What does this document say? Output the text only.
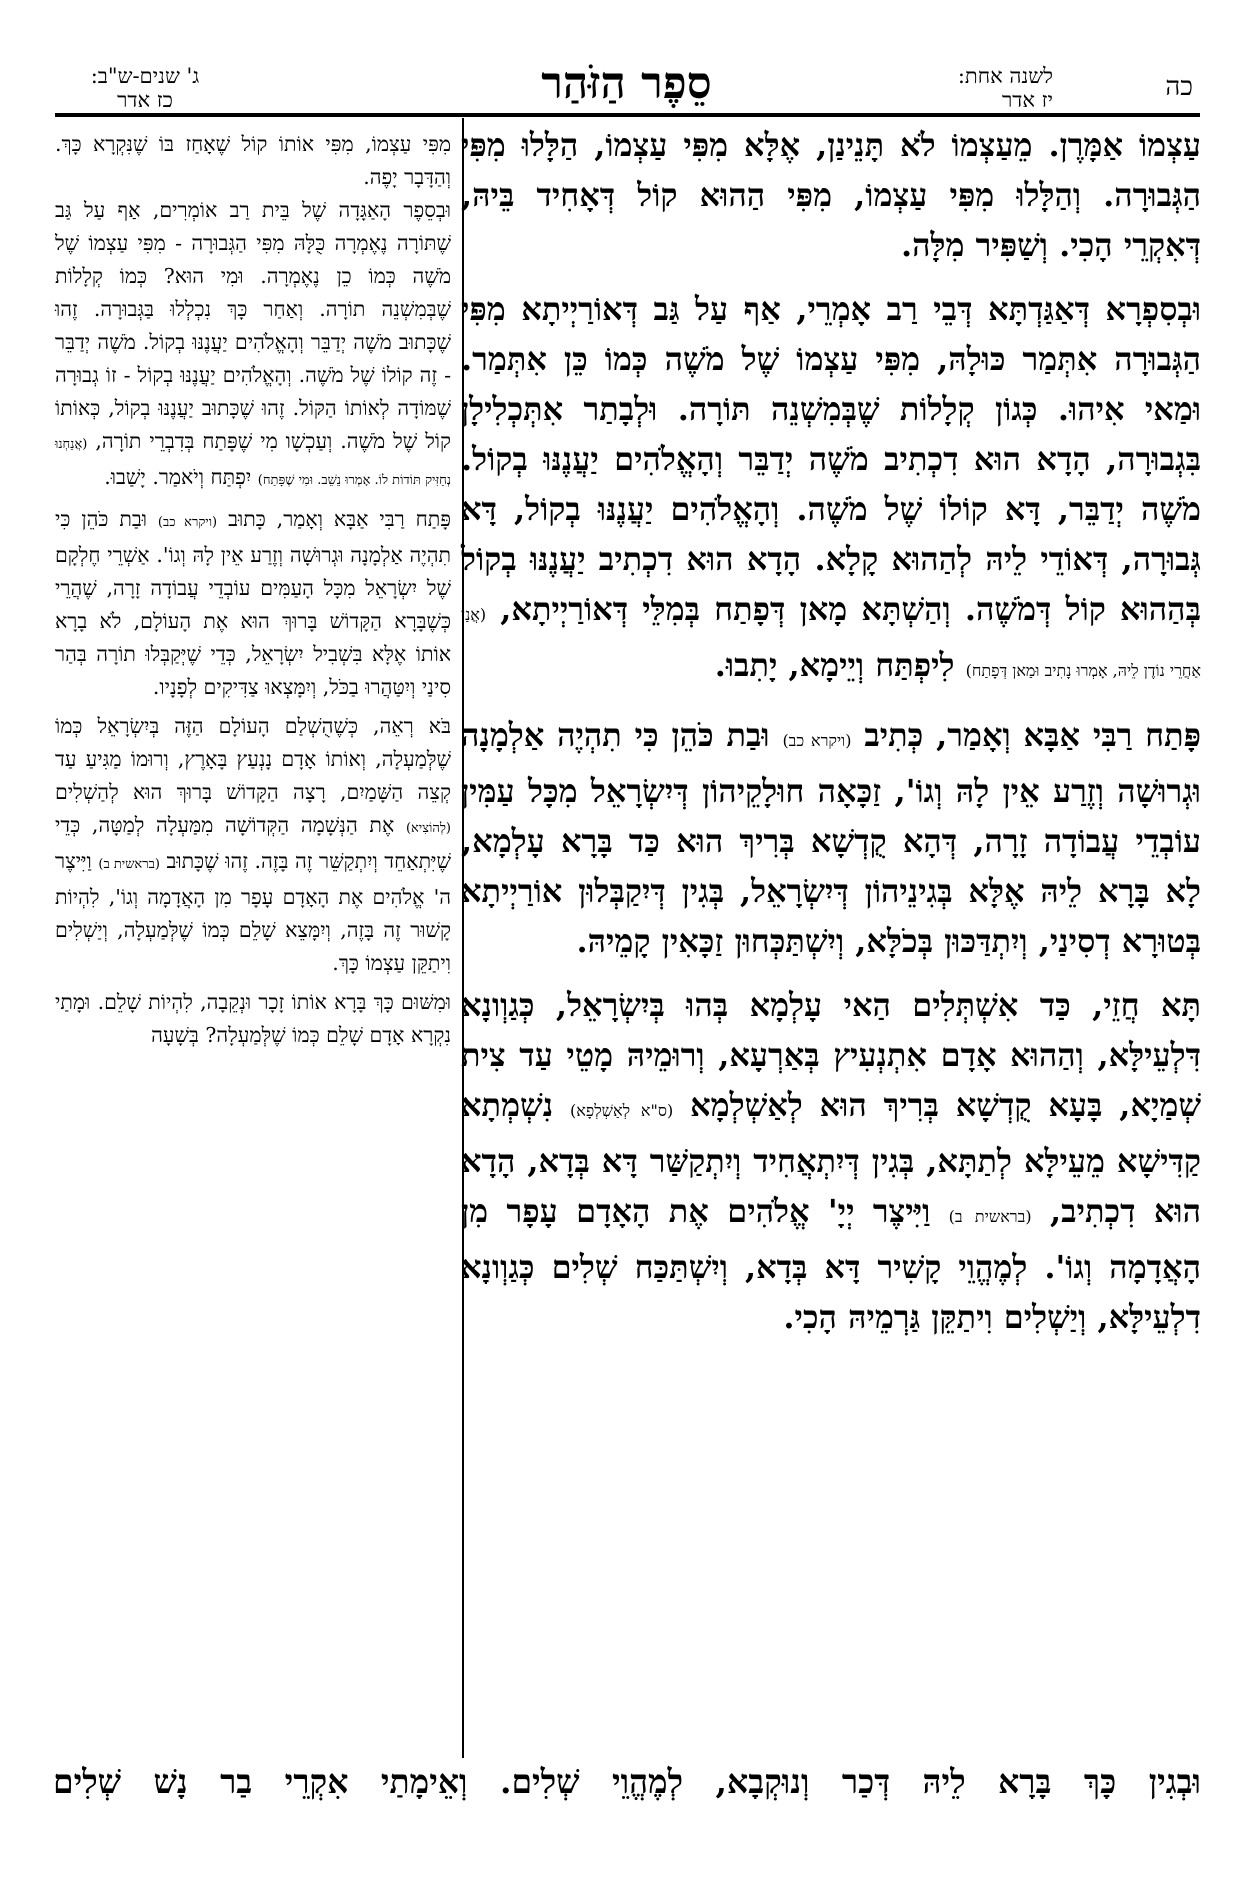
כה
לשנה אחת:
יז אדר
סֵפֶר הַזֹּהַר
ג' שנים-ש"ב:
כז אדר

עַצְמוֹ אַמָּרֶן. מֵעַצְמוֹ לֹא תָּנֵינַן, אֶלָּא מִפִּי עַצְמוֹ, הַלָּלוּ מִפִּי הַגְּבוּרָה. וְהַלָּלוּ מִפִּי עַצְמוֹ, מִפִּי הַהוּא קוֹל דְּאָחִיד בֵּיהּ, דְּאִקְרֵי הָכִי. וְשַׁפִּיר מִלָּה.

וּבְסִפְרָא דְּאַגַּדְתָּא דְּבֵי רַב אָמְרֵי, אַף עַל גַּב דְּאוֹרַיְיתָא מִפִּי הַגְּבוּרָה אִתְּמַר כּוּלָהּ, מִפִּי עַצְמוֹ שֶׁל מֹשֶׁה כְּמוֹ כֵּן אִתְּמַר. וּמַאי אִיהוּ. כְּגוֹן קְלָלוֹת שֶׁבְּמִשְׁנֵה תּוֹרָה. וּלְבָתַר אִתְּכְלִילָן בִּגְבוּרָה, הָדָא הוּא דִכְתִיב מֹשֶׁה יְדַבֵּר וְהָאֱלֹהִים יַעֲנֶנּוּ בְקוֹל. מֹשֶׁה יְדַבֵּר, דָּא קוֹלוֹ שֶׁל מֹשֶׁה. וְהָאֱלֹהִים יַעֲנֶנּוּ בְקוֹל, דָּא גְּבוּרָה, דְּאוֹדֵי לֵיהּ לְהַהוּא קָלָא. הָדָא הוּא דִכְתִיב יַעֲנֶנּוּ בְקוֹל בְּהַהוּא קוֹל דְּמֹשֶׁה. וְהַשְׁתָּא מָאן דְּפָתַח בְּמִלֵּי דְּאוֹרַיְיתָא, (אֲנַן אַחֲרֵי נוֹדֶן לֵיהּ, אָמְרוּ נָתִיב וּמַאן דְּפָתַח) לִיפְתַּח וְיֵימָא, יָתִבוּ.

פָּתַח רַבִּי אַבָּא וְאָמַר, כְּתִיב (ויקרא כב) וּבַת כֹּהֵן כִּי תִהְיֶה אַלְמָנָה וּגְרוּשָׁה וְזֶרַע אֵין לָהּ וְגוֹ', זַכָּאָה חוּלָקֵיהוֹן דְּיִשְׂרָאֵל מִכָּל עַמִּין עוֹבְדֵי עֲבוֹדָה זָרָה, דְּהָא קֻדְשָׁא בְּרִיךְ הוּא כַּד בָּרָא עָלְמָא, לָא בָּרָא לֵיהּ אֶלָּא בְּגִינֵיהוֹן דְּיִשְׂרָאֵל, בְּגִין דְּיִקַבְּלוּן אוֹרַיְיתָא בְּטוּרָא דְסִינַי, וְיִתְדַּכּוּן בְּכֹלָּא, וְיִשְׁתַּכְּחוּן זַכָּאִין קָמֵיהּ.

תָּא חֲזֵי, כַּד אִשְׁתְּלִים הַאי עָלְמָא בְּהוּ בְּיִשְׂרָאֵל, כְּגַוְונָא דִּלְעֵילָּא, וְהַהוּא אָדָם אִתְנְעִיץ בְּאַרְעָא, וְרוּמֵיהּ מָטֵי עַד צִית שְׁמַיָא, בָּעָא קֻדְשָׁא בְּרִיךְ הוּא לְאַשְׁלְמָא (ס"א לְאַשְׁלְפָא) נִשְׁמְתָא קַדִּישָׁא מֵעֵילָּא לְתַתָּא, בְּגִין דְּיִתְאֲחִיד וְיִתְקַשַּׁר דָּא בְּדָא, הָדָא הוּא דִכְתִיב, (בראשית ב) וַיִּיצֶר יְיָ' אֱלֹהִים אֶת הָאָדָם עָפָר מִן הָאֲדָמָה וְגוֹ'. לְמֶהֱוֵי קָשִׁיר דָּא בְּדָא, וְיִשְׁתַּכַּח שְׁלִים כְּגַוְונָא דִלְעֵילָּא, וְיַשְׁלִים וִיתַקֵּן גַּרְמֵיהּ הָכִי.

מִפִּי עַצְמוֹ, מִפִּי אוֹתוֹ קוֹל שֶׁאָחַז בּוֹ שֶׁנִּקְרָא כָּךְ. וְהַדָּבָר יָפֶה.

וּבְסֵפֶר הָאַגָּדָה שֶׁל בֵּית רַב אוֹמְרִים, אַף עַל גַּב שֶׁתּוֹרָה נֶאֶמְרָה כֻּלָּהּ מִפִּי הַגְּבוּרָה - מִפִּי עַצְמוֹ שֶׁל מֹשֶׁה כְּמוֹ כֵן נֶאֶמְרָה. וּמִי הוּא? כְּמוֹ קְלָלוֹת שֶׁבְּמִשְׁנֵה תוֹרָה. וְאַחַר כָּךְ נִכְלְלוּ בַּגְּבוּרָה. זֶהוּ שֶׁכָּתוּב מֹשֶׁה יְדַבֵּר וְהָאֱלֹהִים יַעֲנֶנּוּ בְקוֹל. מֹשֶׁה יְדַבֵּר - זֶה קוֹלוֹ שֶׁל מֹשֶׁה. וְהָאֱלֹהִים יַעֲנֶנּוּ בְקוֹל - זוֹ גְבוּרָה שֶׁמּוֹדָה לְאוֹתוֹ הַקּוֹל. זֶהוּ שֶׁכָּתוּב יַעֲנֶנּוּ בְקוֹל, כְּאוֹתוֹ קוֹל שֶׁל מֹשֶׁה. וְעַכְשָׁו מִי שֶׁפָּתַח בְּדִבְרֵי תוֹרָה, (אֲנַחְנוּ נְחַזִּיק תּוֹדוֹת לוֹ. אָמְרוּ נֵשֵׁב. וּמִי שֶׁפָּתַח) יִפְתַּח וְיֹאמַר. יָשַׁבוּ.

פָּתַח רַבִּי אַבָּא וְאָמַר, כָּתוּב (ויקרא כב) וּבַת כֹּהֵן כִּי תִהְיֶה אַלְמָנָה וּגְרוּשָׁה וְזֶרַע אֵין לָהּ וְגוֹ'. אַשְׁרֵי חֶלְקָם שֶׁל יִשְׂרָאֵל מִכָּל הָעַמִּים עוֹבְדֵי עֲבוֹדָה זָרָה, שֶׁהֲרֵי כְּשֶׁבָּרָא הַקָּדוֹשׁ בָּרוּךְ הוּא אֶת הָעוֹלָם, לֹא בָרָא אוֹתוֹ אֶלָּא בִּשְׁבִיל יִשְׂרָאֵל, כְּדֵי שֶׁיְּקַבְּלוּ תוֹרָה בְּהַר סִינַי וְיִטַּהֲרוּ בַכֹּל, וְיִמָּצְאוּ צַדִּיקִים לְפָנָיו.

בֹּא רְאֵה, כְּשֶׁהֻשְׁלַם הָעוֹלָם הַזֶּה בְּיִשְׂרָאֵל כְּמוֹ שֶׁלְּמַעְלָה, וְאוֹתוֹ אָדָם נָנְעַץ בָּאָרֶץ, וְרוּמוֹ מַגִּיעַ עַד קְצֵה הַשָּׁמַיִם, רָצָה הַקָּדוֹשׁ בָּרוּךְ הוּא לְהַשְׁלִים (לְהוֹצִיא) אֶת הַנְּשָׁמָה הַקְּדוֹשָׁה מִמַּעְלָה לְמַטָּה, כְּדֵי שֶׁיִּתְאַחֵד וְיִתְקַשֵּׁר זֶה בָּזֶה. זֶהוּ שֶׁכָּתוּב (בראשית ב) וַיִּיצֶר ה' אֱלֹהִים אֶת הָאָדָם עָפָר מִן הָאֲדָמָה וְגוֹ', לִהְיוֹת קָשׁוּר זֶה בָּזֶה, וְיִמָּצֵא שָׁלֵם כְּמוֹ שֶׁלְּמַעְלָה, וְיַשְׁלִים וִיתַקֵּן עַצְמוֹ כָּךְ.

וּמִשּׁוּם כָּךְ בָּרָא אוֹתוֹ זָכָר וּנְקֵבָה, לִהְיוֹת שָׁלֵם. וּמָתַי נִקְרָא אָדָם שָׁלֵם כְּמוֹ שֶׁלְּמַעְלָה? בְּשָׁעָה

וּבְגִין כָּךְ בָּרָא לֵיהּ דְּכַר וְנוּקְבָא, לְמֶהֱוֵי שְׁלִים. וְאֵימָתַי אִקְרֵי בַר נָשׁ שְׁלִים
